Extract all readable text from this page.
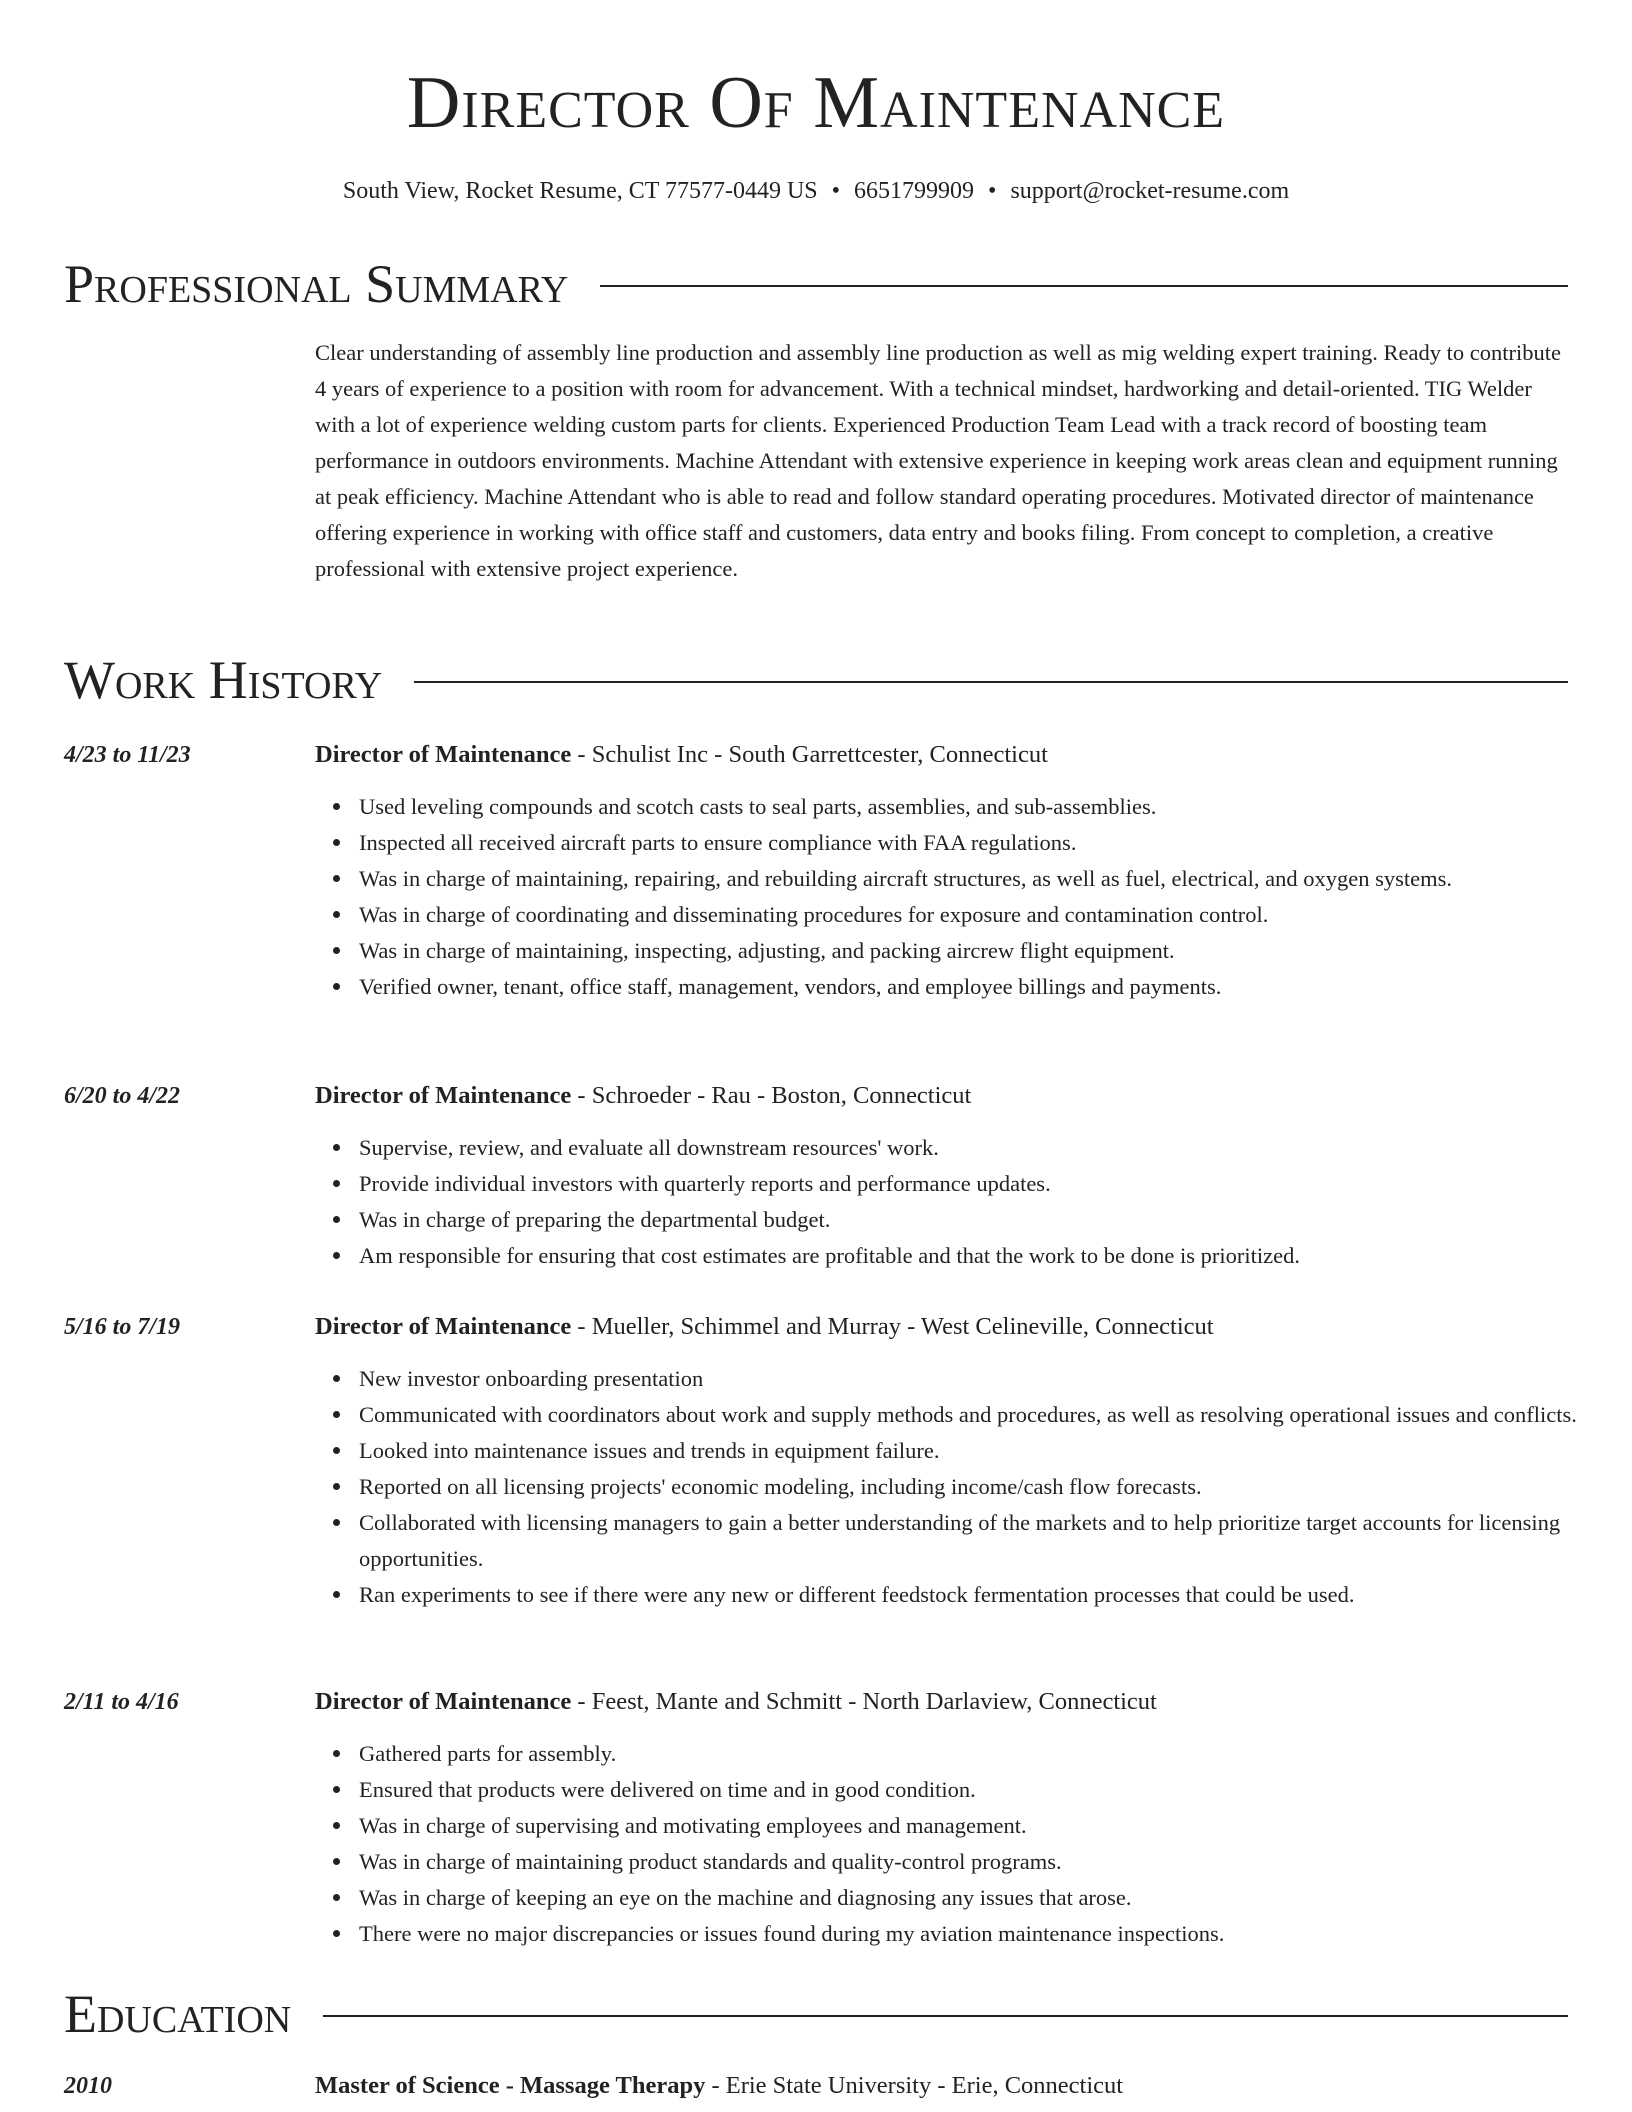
Director Of Maintenance
South View, Rocket Resume, CT 77577-0449 US • 6651799909 • support@rocket-resume.com
Professional Summary
Clear understanding of assembly line production and assembly line production as well as mig welding expert training. Ready to contribute 4 years of experience to a position with room for advancement. With a technical mindset, hardworking and detail-oriented. TIG Welder with a lot of experience welding custom parts for clients. Experienced Production Team Lead with a track record of boosting team performance in outdoors environments. Machine Attendant with extensive experience in keeping work areas clean and equipment running at peak efficiency. Machine Attendant who is able to read and follow standard operating procedures. Motivated director of maintenance offering experience in working with office staff and customers, data entry and books filing. From concept to completion, a creative professional with extensive project experience.
Work History
4/23 to 11/23	Director of Maintenance - Schulist Inc - South Garrettcester, Connecticut
Used leveling compounds and scotch casts to seal parts, assemblies, and sub-assemblies.
Inspected all received aircraft parts to ensure compliance with FAA regulations.
Was in charge of maintaining, repairing, and rebuilding aircraft structures, as well as fuel, electrical, and oxygen systems.
Was in charge of coordinating and disseminating procedures for exposure and contamination control.
Was in charge of maintaining, inspecting, adjusting, and packing aircrew flight equipment.
Verified owner, tenant, office staff, management, vendors, and employee billings and payments.
6/20 to 4/22	Director of Maintenance - Schroeder - Rau - Boston, Connecticut
Supervise, review, and evaluate all downstream resources' work.
Provide individual investors with quarterly reports and performance updates.
Was in charge of preparing the departmental budget.
Am responsible for ensuring that cost estimates are profitable and that the work to be done is prioritized.
5/16 to 7/19	Director of Maintenance - Mueller, Schimmel and Murray - West Celineville, Connecticut
New investor onboarding presentation
Communicated with coordinators about work and supply methods and procedures, as well as resolving operational issues and conflicts.
Looked into maintenance issues and trends in equipment failure.
Reported on all licensing projects' economic modeling, including income/cash flow forecasts.
Collaborated with licensing managers to gain a better understanding of the markets and to help prioritize target accounts for licensing opportunities.
Ran experiments to see if there were any new or different feedstock fermentation processes that could be used.
2/11 to 4/16	Director of Maintenance - Feest, Mante and Schmitt - North Darlaview, Connecticut
Gathered parts for assembly.
Ensured that products were delivered on time and in good condition.
Was in charge of supervising and motivating employees and management.
Was in charge of maintaining product standards and quality-control programs.
Was in charge of keeping an eye on the machine and diagnosing any issues that arose.
There were no major discrepancies or issues found during my aviation maintenance inspections.
Education
2010	Master of Science - Massage Therapy - Erie State University - Erie, Connecticut
